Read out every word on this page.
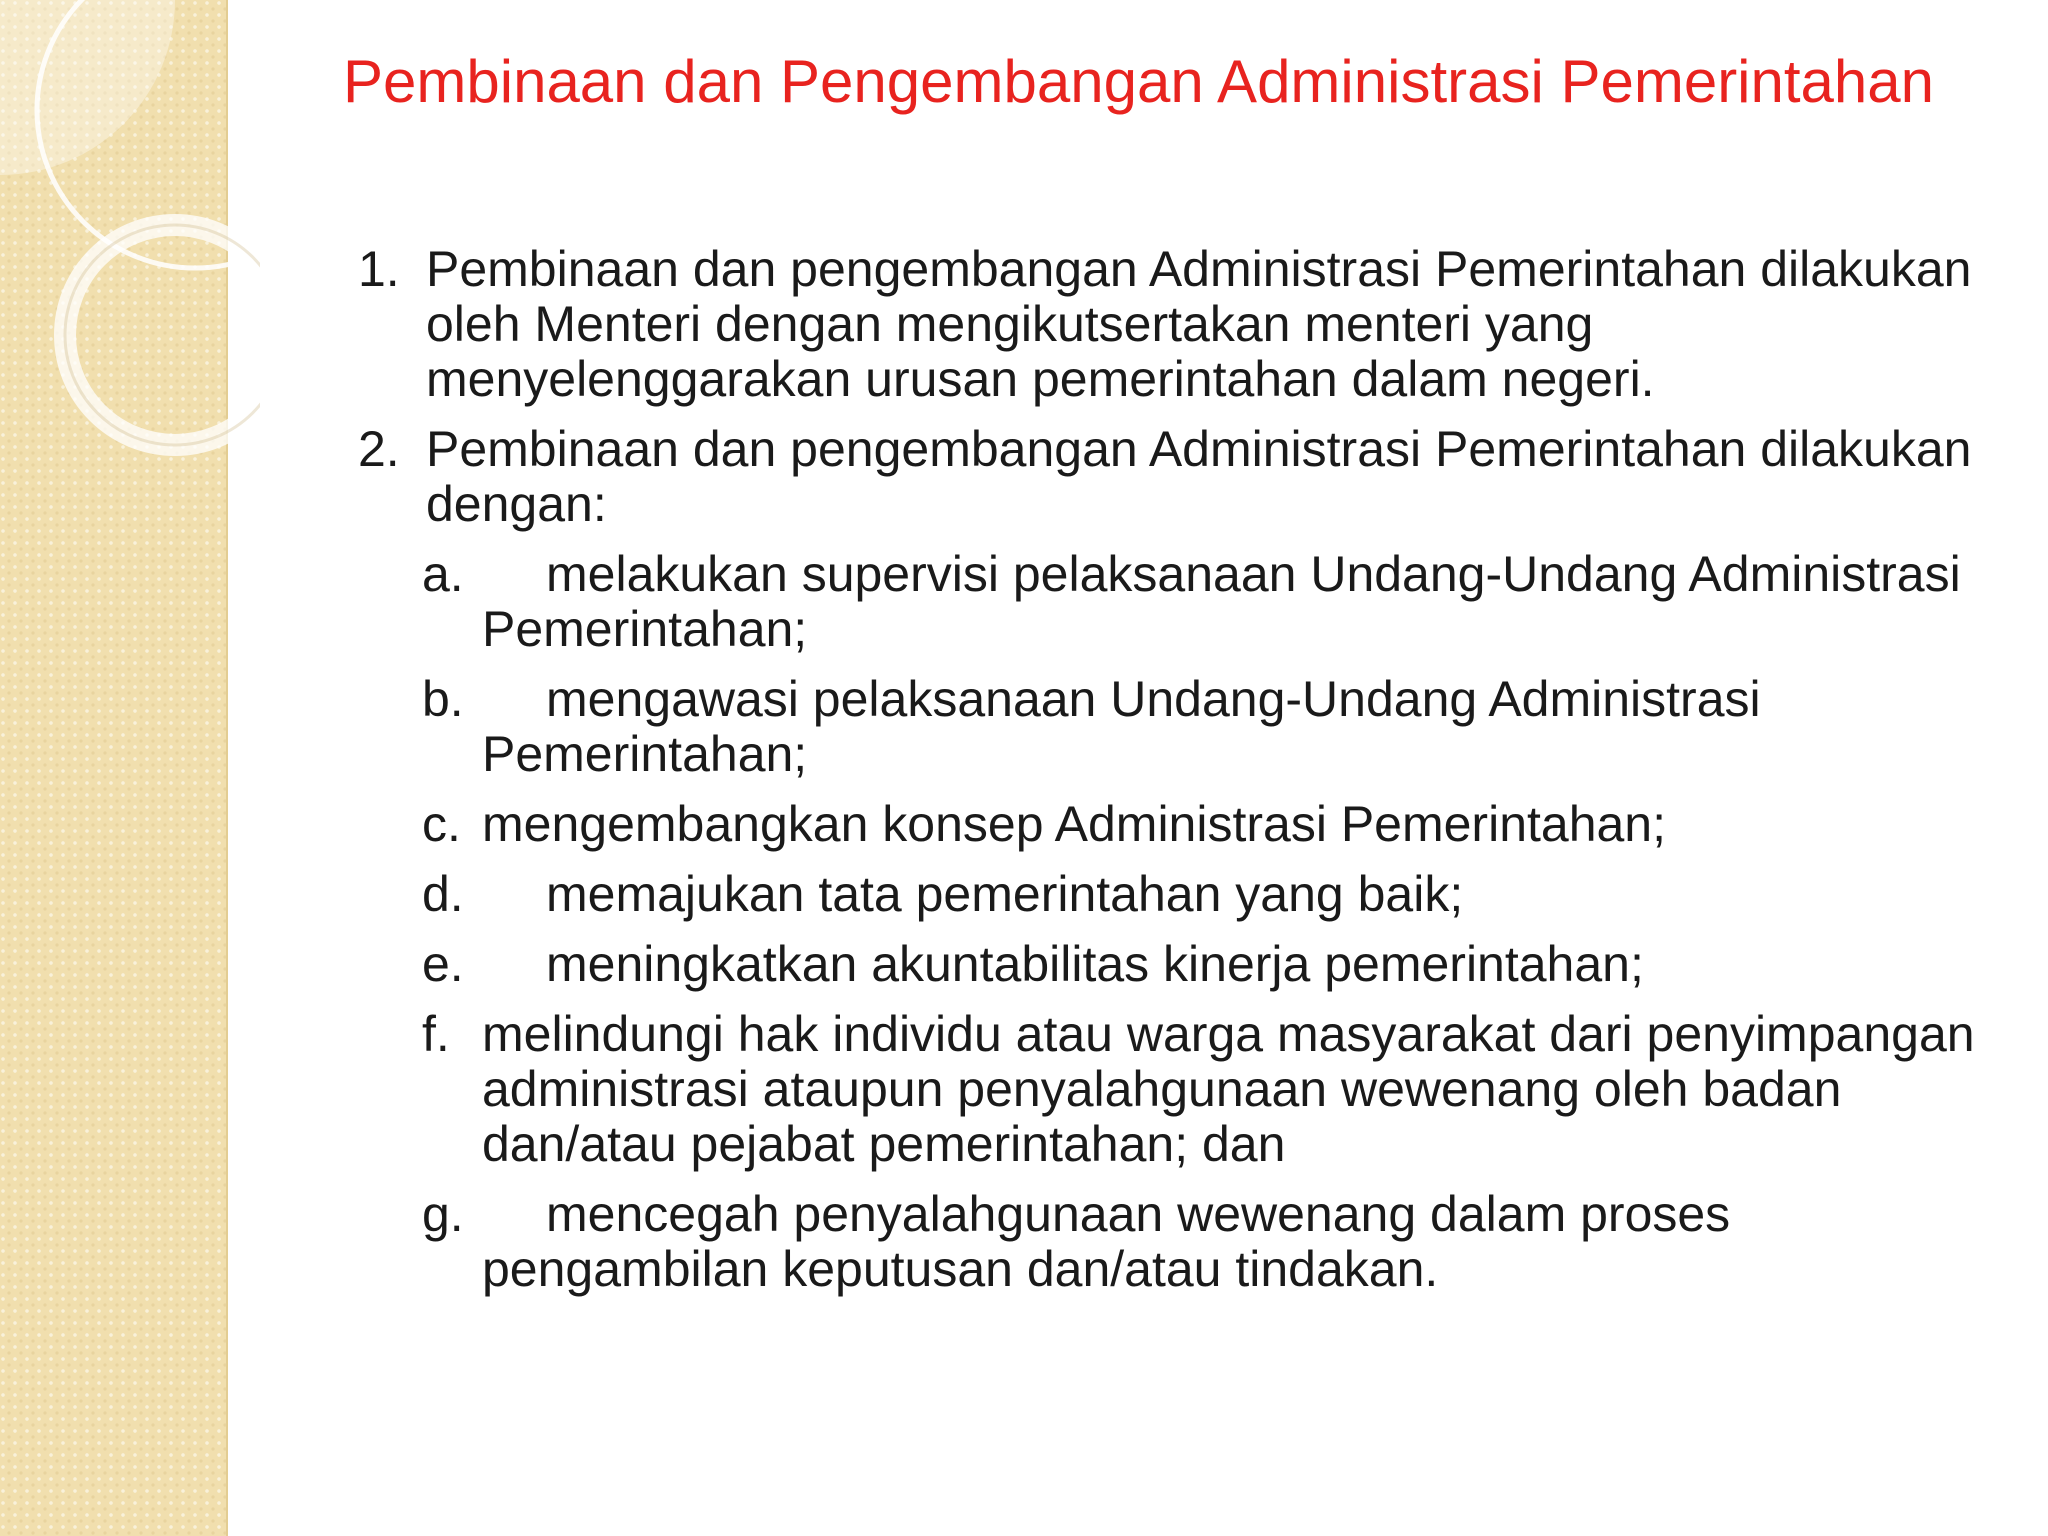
Pembinaan dan Pengembangan Administrasi Pemerintahan
1. Pembinaan dan pengembangan Administrasi Pemerintahan dilakukan oleh Menteri dengan mengikutsertakan menteri yang menyelenggarakan urusan pemerintahan dalam negeri.
2. Pembinaan dan pengembangan Administrasi Pemerintahan dilakukan dengan:
a.	melakukan supervisi pelaksanaan Undang-Undang Administrasi Pemerintahan;
b.	mengawasi pelaksanaan Undang-Undang Administrasi Pemerintahan;
c. mengembangkan konsep Administrasi Pemerintahan;
d.	memajukan tata pemerintahan yang baik;
e.	meningkatkan akuntabilitas kinerja pemerintahan;
f. melindungi hak individu atau warga masyarakat dari penyimpangan administrasi ataupun penyalahgunaan wewenang oleh badan dan/atau pejabat pemerintahan; dan
g.	mencegah penyalahgunaan wewenang dalam proses pengambilan keputusan dan/atau tindakan.
